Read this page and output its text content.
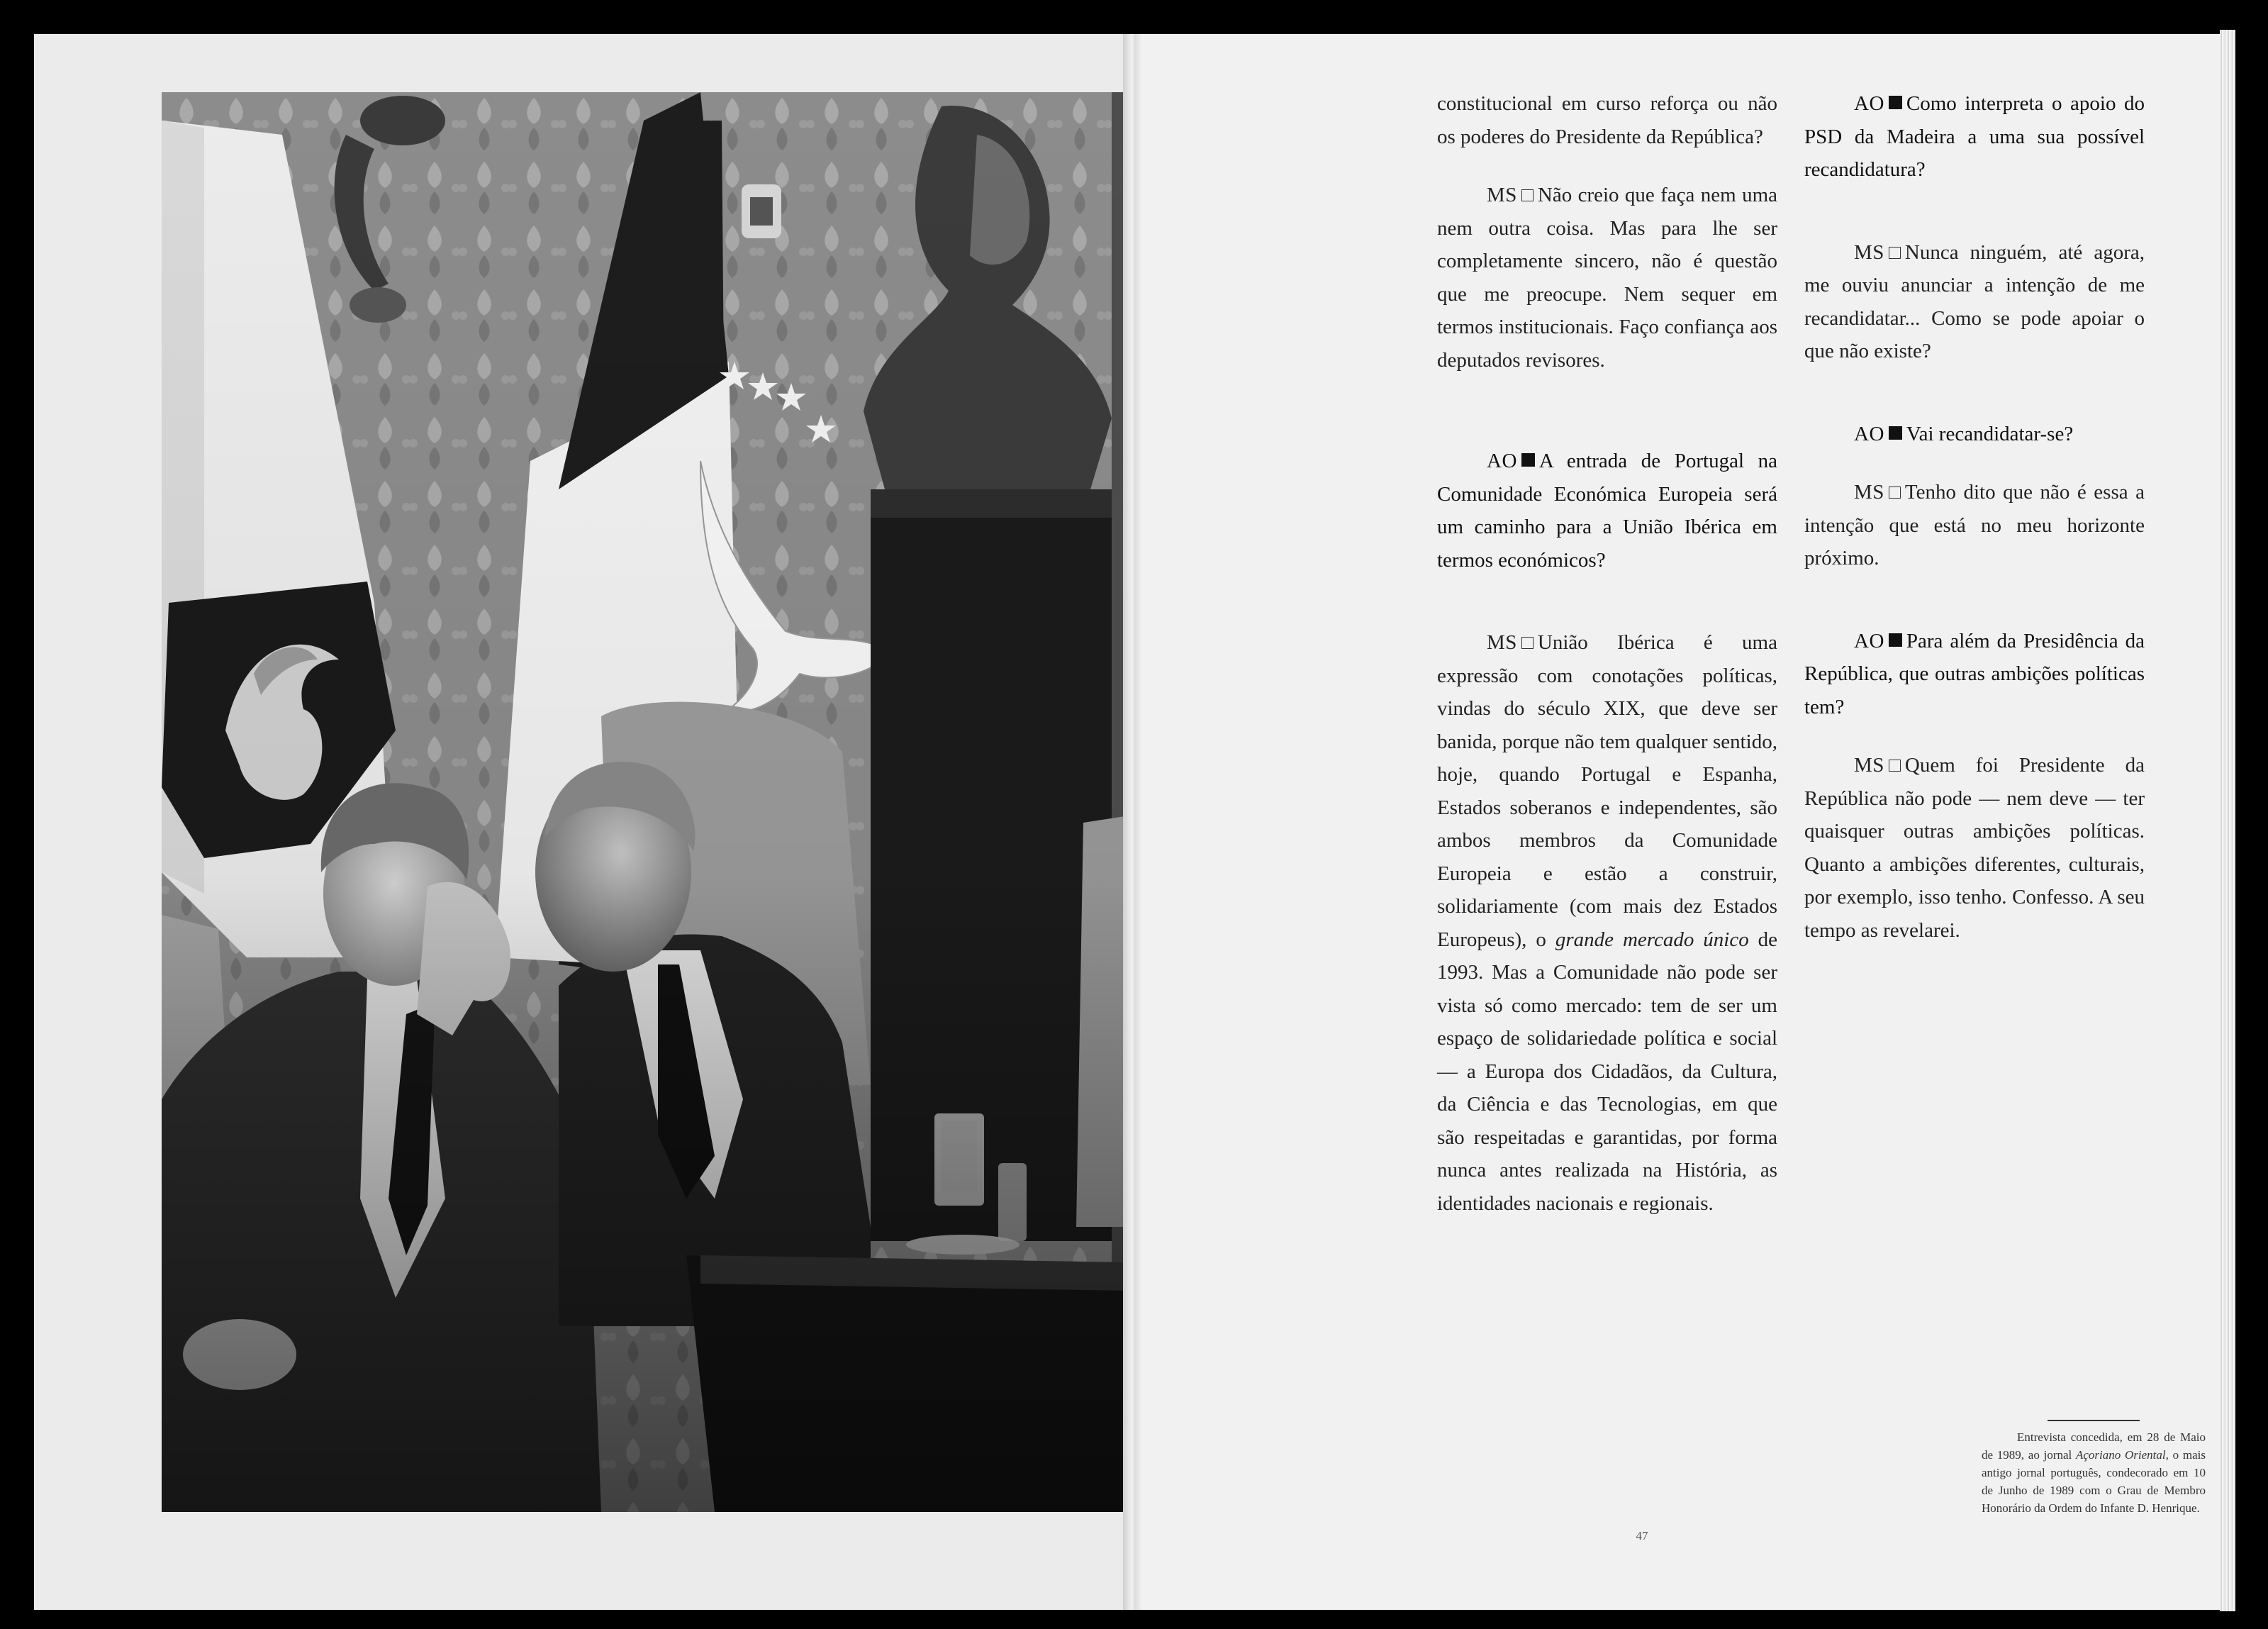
constitucional em curso reforça ou não os poderes do Presidente da República?

MS Não creio que faça nem uma nem outra coisa. Mas para lhe ser completamente sincero, não é questão que me preocupe. Nem sequer em termos institucionais. Faço confiança aos deputados revisores.

AO A entrada de Portugal na Comunidade Económica Europeia será um caminho para a União Ibérica em termos económicos?

MS União Ibérica é uma expressão com conotações políticas, vindas do século XIX, que deve ser banida, porque não tem qualquer sentido, hoje, quando Portugal e Espanha, Estados soberanos e independentes, são ambos membros da Comunidade Europeia e estão a construir, solidariamente (com mais dez Estados Europeus), o grande mercado único de 1993. Mas a Comunidade não pode ser vista só como mercado: tem de ser um espaço de solidariedade política e social — a Europa dos Cidadãos, da Cultura, da Ciência e das Tecnologias, em que são respeitadas e garantidas, por forma nunca antes realizada na História, as identidades nacionais e regionais.

AO Como interpreta o apoio do PSD da Madeira a uma sua possível recandidatura?

MS Nunca ninguém, até agora, me ouviu anunciar a intenção de me recandidatar... Como se pode apoiar o que não existe?

AO Vai recandidatar-se?

MS Tenho dito que não é essa a intenção que está no meu horizonte próximo.

AO Para além da Presidência da República, que outras ambições políticas tem?

MS Quem foi Presidente da República não pode — nem deve — ter quaisquer outras ambições políticas. Quanto a ambições diferentes, culturais, por exemplo, isso tenho. Confesso. A seu tempo as revelarei.

Entrevista concedida, em 28 de Maio de 1989, ao jornal Açoriano Oriental, o mais antigo jornal português, condecorado em 10 de Junho de 1989 com o Grau de Membro Honorário da Ordem do Infante D. Henrique.
47
